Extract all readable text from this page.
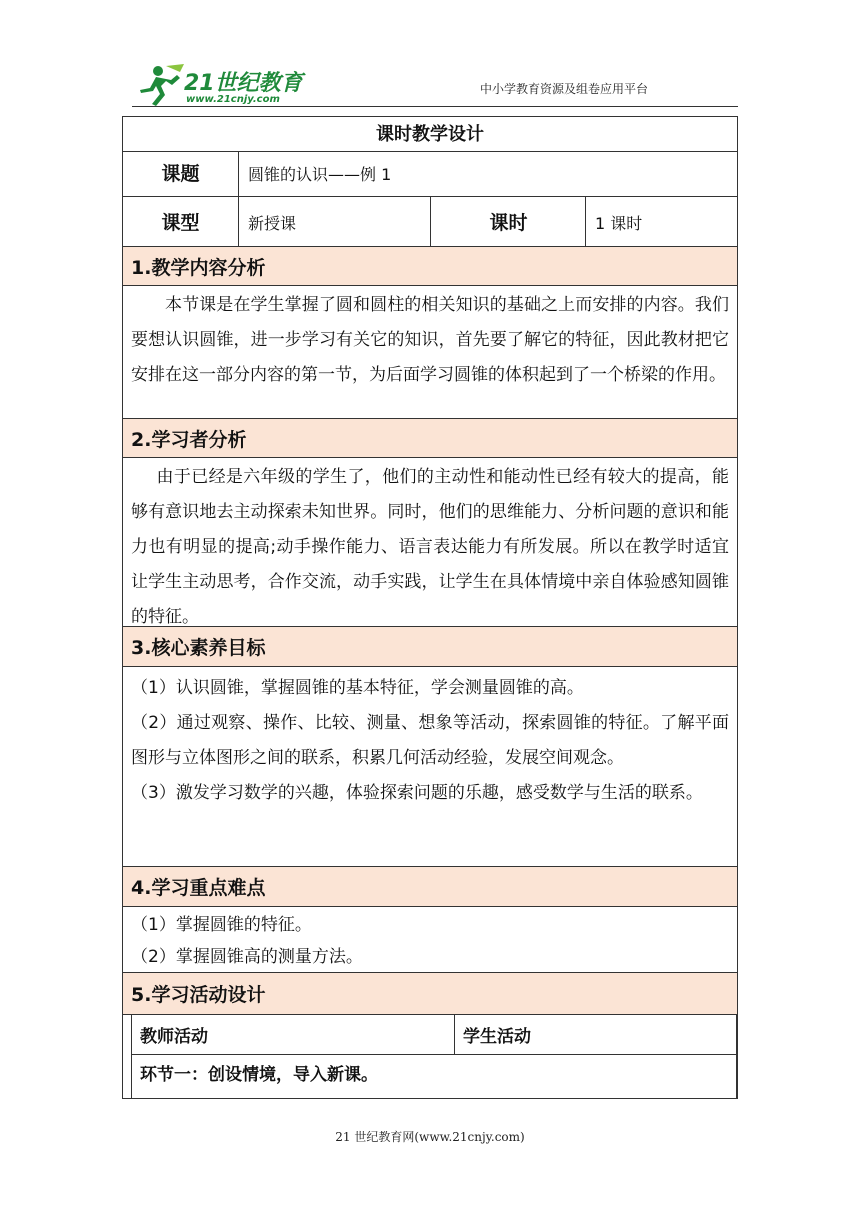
21世纪教育
www.21cnjy.com
中小学教育资源及组卷应用平台
课时教学设计
课题	圆锥的认识——例 1
课型	新授课	课时	1 课时
1.教学内容分析

本节课是在学生掌握了圆和圆柱的相关知识的基础之上而安排的内容。我们要想认识圆锥，进一步学习有关它的知识，首先要了解它的特征，因此教材把它安排在这一部分内容的第一节，为后面学习圆锥的体积起到了一个桥梁的作用。

2.学习者分析

由于已经是六年级的学生了，他们的主动性和能动性已经有较大的提高，能够有意识地去主动探索未知世界。同时，他们的思维能力、分析问题的意识和能力也有明显的提高;动手操作能力、语言表达能力有所发展。所以在教学时适宜让学生主动思考，合作交流，动手实践，让学生在具体情境中亲自体验感知圆锥的特征。

3.核心素养目标

（1）认识圆锥，掌握圆锥的基本特征，学会测量圆锥的高。

（2）通过观察、操作、比较、测量、想象等活动，探索圆锥的特征。了解平面图形与立体图形之间的联系，积累几何活动经验，发展空间观念。

（3）激发学习数学的兴趣，体验探索问题的乐趣，感受数学与生活的联系。

4.学习重点难点

（1）掌握圆锥的特征。

（2）掌握圆锥高的测量方法。

5.学习活动设计
教师活动	学生活动
环节一：创设情境，导入新课。
21 世纪教育网(www.21cnjy.com)
